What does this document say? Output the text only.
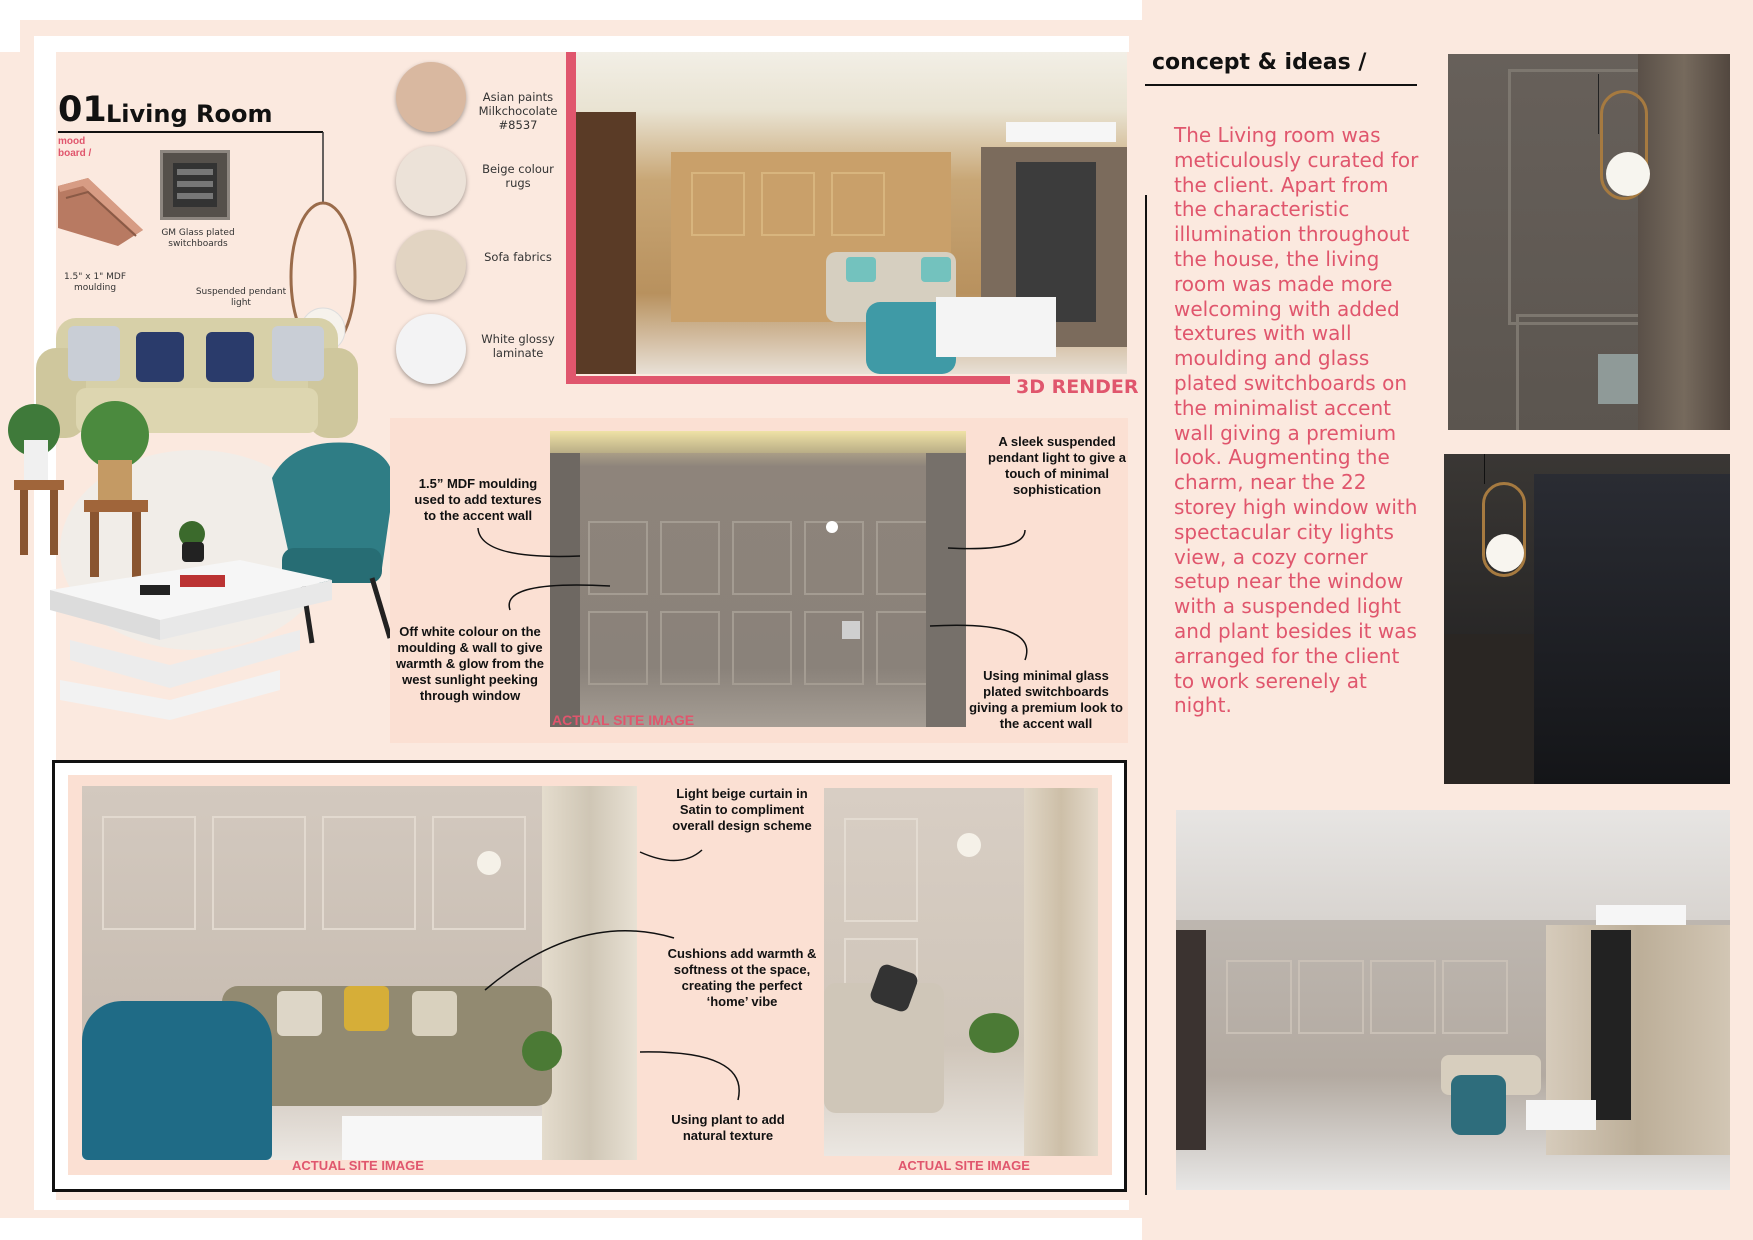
01 Living Room
mood board /
1.5" x 1" MDF moulding
GM Glass plated switchboards
Suspended pendant light
Asian paints Milkchocolate #8537
Beige colour rugs
Sofa fabrics
White glossy laminate
3D RENDER
ACTUAL SITE IMAGE
1.5” MDF moulding used to add textures to the accent wall
Off white colour on the moulding & wall to give warmth & glow from the west sunlight peeking through window
A sleek suspended pendant light to give a touch of minimal sophistication
Using minimal glass plated switchboards giving a premium look to the accent wall
ACTUAL SITE IMAGE	ACTUAL SITE IMAGE
Light beige curtain in Satin to compliment overall design scheme
Cushions add warmth & softness ot the space, creating the perfect ‘home’ vibe
Using plant to add natural texture
concept & ideas /
The Living room was meticulously curated for the client. Apart from the characteristic illumination throughout the house, the living room was made more welcoming with added textures with wall moulding and glass plated switchboards on the minimalist accent wall giving a premium look. Augmenting the charm, near the 22 storey high window with spectacular city lights view, a cozy corner setup near the window with a suspended light and plant besides it was arranged for the client to work serenely at night.
